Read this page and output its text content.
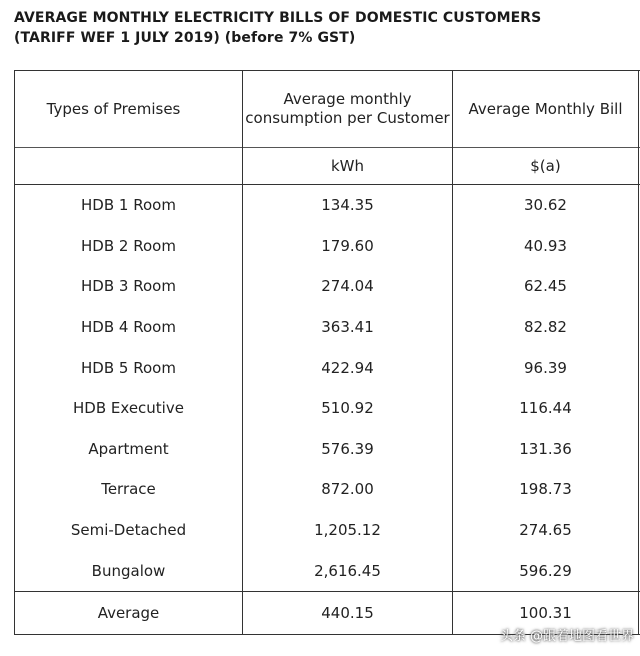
AVERAGE MONTHLY ELECTRICITY BILLS OF DOMESTIC CUSTOMERS
(TARIFF WEF 1 JULY 2019) (before 7% GST)
Types of Premises	Average monthly consumption per Customer	Average Monthly Bill	
	kWh	$(a)	
HDB 1 Room	134.35	30.62	
HDB 2 Room	179.60	40.93	
HDB 3 Room	274.04	62.45	
HDB 4 Room	363.41	82.82	
HDB 5 Room	422.94	96.39	
HDB Executive	510.92	116.44	
Apartment	576.39	131.36	
Terrace	872.00	198.73	
Semi-Detached	1,205.12	274.65	
Bungalow	2,616.45	596.29	
Average	440.15	100.31	
头条 @跟着地图看世界
